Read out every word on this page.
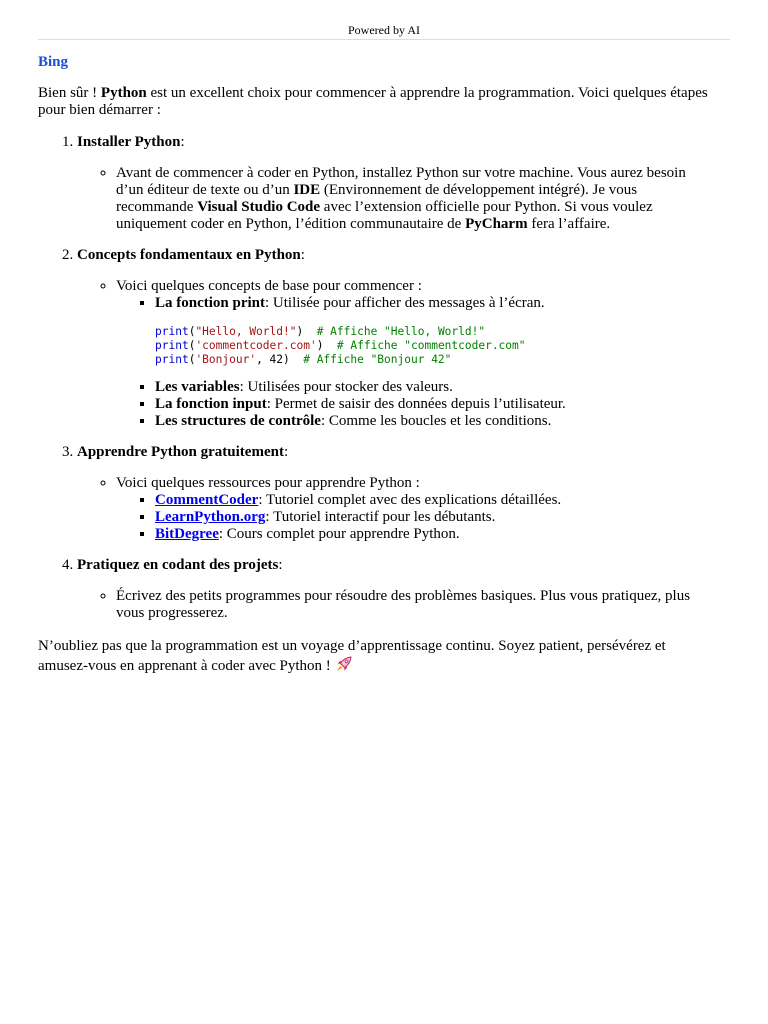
Powered by AI

Bing

Bien sûr ! Python est un excellent choix pour commencer à apprendre la programmation. Voici quelques étapes pour bien démarrer :

1. Installer Python:
◦ Avant de commencer à coder en Python, installez Python sur votre machine. Vous aurez besoin d’un éditeur de texte ou d’un IDE (Environnement de développement intégré). Je vous recommande Visual Studio Code avec l’extension officielle pour Python. Si vous voulez uniquement coder en Python, l’édition communautaire de PyCharm fera l’affaire.
2. Concepts fondamentaux en Python:
◦ Voici quelques concepts de base pour commencer :
▪ La fonction print: Utilisée pour afficher des messages à l’écran.
print("Hello, World!")  # Affiche "Hello, World!"
print('commentcoder.com')  # Affiche "commentcoder.com"
print('Bonjour', 42)  # Affiche "Bonjour 42"
▪ Les variables: Utilisées pour stocker des valeurs.
▪ La fonction input: Permet de saisir des données depuis l’utilisateur.
▪ Les structures de contrôle: Comme les boucles et les conditions.
3. Apprendre Python gratuitement:
◦ Voici quelques ressources pour apprendre Python :
▪ CommentCoder: Tutoriel complet avec des explications détaillées.
▪ LearnPython.org: Tutoriel interactif pour les débutants.
▪ BitDegree: Cours complet pour apprendre Python.
4. Pratiquez en codant des projets:
◦ Écrivez des petits programmes pour résoudre des problèmes basiques. Plus vous pratiquez, plus vous progresserez.

N’oubliez pas que la programmation est un voyage d’apprentissage continu. Soyez patient, persévérez et amusez-vous en apprenant à coder avec Python !
